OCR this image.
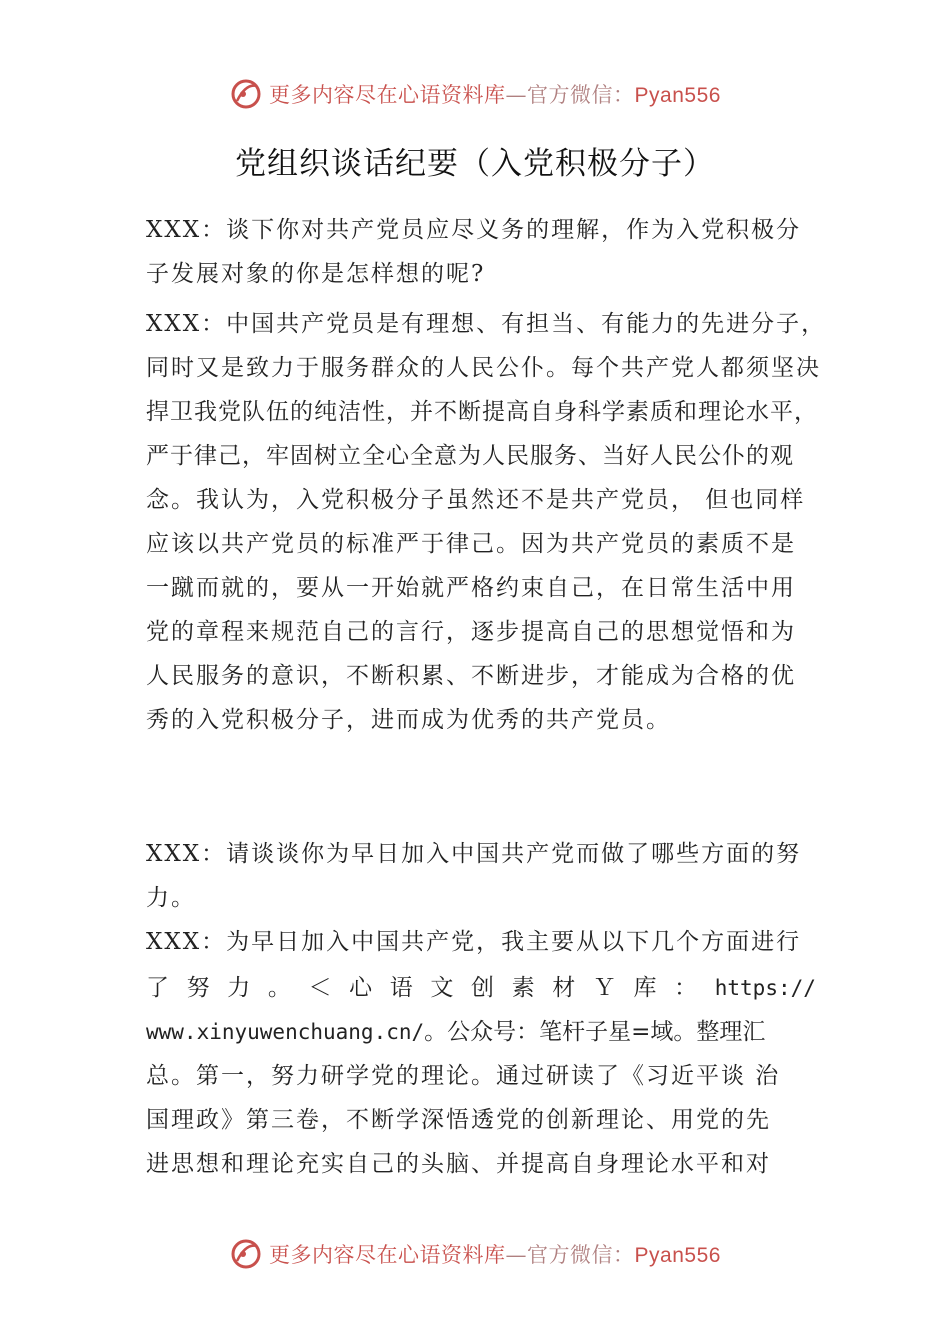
更多内容尽在心语资料库—官方微信：Pyan556
党组织谈话纪要（入党积极分子）
XXX：谈下你对共产党员应尽义务的理解，作为入党积极分
子发展对象的你是怎样想的呢?
XXX：中国共产党员是有理想、有担当、有能力的先进分子，
同时又是致力于服务群众的人民公仆。每个共产党人都须坚决
捍卫我党队伍的纯洁性，并不断提高自身科学素质和理论水平，
严于律己，牢固树立全心全意为人民服务、当好人民公仆的观
念。我认为，入党积极分子虽然还不是共产党员， 但也同样
应该以共产党员的标准严于律己。因为共产党员的素质不是
一蹴而就的，要从一开始就严格约束自己，在日常生活中用
党的章程来规范自己的言行，逐步提高自己的思想觉悟和为
人民服务的意识，不断积累、不断进步，才能成为合格的优
秀的入党积极分子，进而成为优秀的共产党员。
XXX：请谈谈你为早日加入中国共产党而做了哪些方面的努
力。
XXX：为早日加入中国共产党，我主要从以下几个方面进行
了 努 力 。 ＜ 心 语 文 创 素 材 Ｙ 库 ： https://
www.xinyuwenchuang.cn/。公众号：笔杆子星=域。整理汇
总。第一，努力研学党的理论。通过研读了《习近平谈 治
国理政》第三卷，不断学深悟透党的创新理论、用党的先
进思想和理论充实自己的头脑、并提高自身理论水平和对
更多内容尽在心语资料库—官方微信：Pyan556
